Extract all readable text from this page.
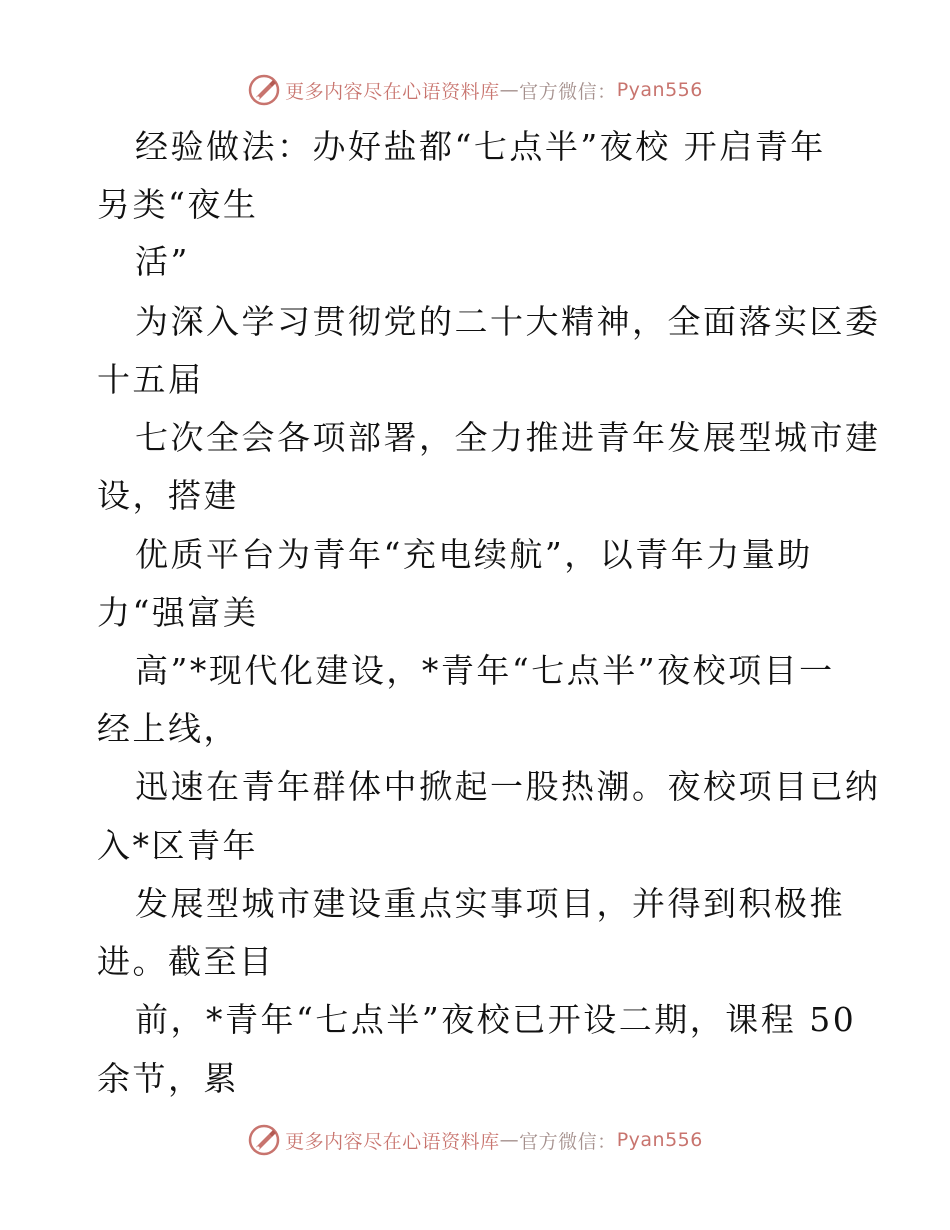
更多内容尽在心语资料库 — 官方微信： Pyan556
经验做法：办好盐都“七点半”夜校 开启青年
另类“夜生
活”
为深入学习贯彻党的二十大精神，全面落实区委
十五届
七次全会各项部署，全力推进青年发展型城市建
设，搭建
优质平台为青年“充电续航”，以青年力量助
力“强富美
高”*现代化建设，*青年“七点半”夜校项目一
经上线，
迅速在青年群体中掀起一股热潮。夜校项目已纳
入*区青年
发展型城市建设重点实事项目，并得到积极推
进。截至目
前，*青年“七点半”夜校已开设二期，课程 50
余节，累
更多内容尽在心语资料库 — 官方微信： Pyan556
